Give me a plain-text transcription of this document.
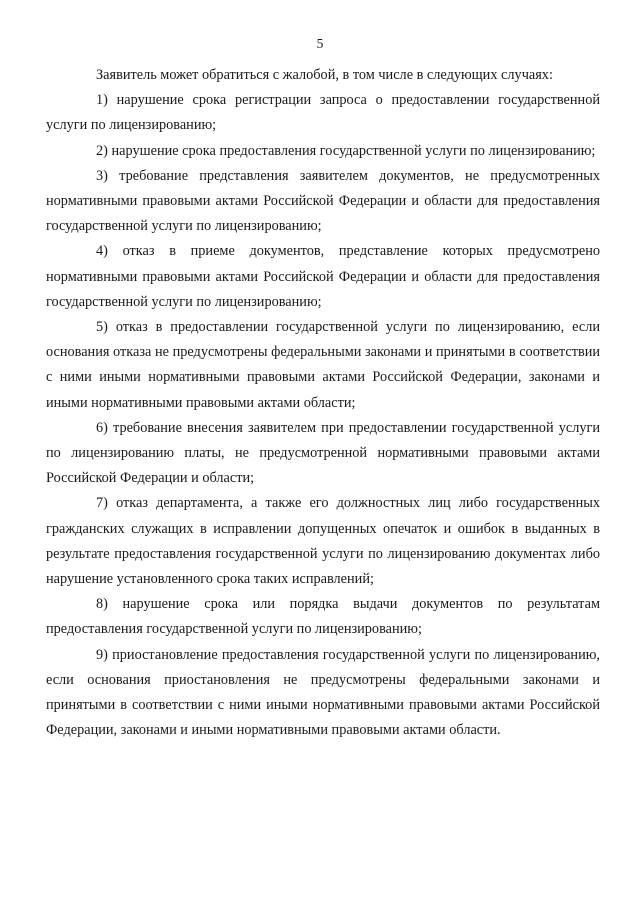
5

Заявитель может обратиться с жалобой, в том числе в следующих случаях:

1) нарушение срока регистрации запроса о предоставлении государственной услуги по лицензированию;

2) нарушение срока предоставления государственной услуги по лицензированию;

3) требование представления заявителем документов, не предусмотренных нормативными правовыми актами Российской Федерации и области для предоставления государственной услуги по лицензированию;

4) отказ в приеме документов, представление которых предусмотрено нормативными правовыми актами Российской Федерации и области для предоставления государственной услуги по лицензированию;

5) отказ в предоставлении государственной услуги по лицензированию, если основания отказа не предусмотрены федеральными законами и принятыми в соответствии с ними иными нормативными правовыми актами Российской Федерации, законами и иными нормативными правовыми актами области;

6) требование внесения заявителем при предоставлении государственной услуги по лицензированию платы, не предусмотренной нормативными правовыми актами Российской Федерации и области;

7) отказ департамента, а также его должностных лиц либо государственных гражданских служащих в исправлении допущенных опечаток и ошибок в выданных в результате предоставления государственной услуги по лицензированию документах либо нарушение установленного срока таких исправлений;

8) нарушение срока или порядка выдачи документов по результатам предоставления государственной услуги по лицензированию;

9) приостановление предоставления государственной услуги по лицензированию, если основания приостановления не предусмотрены федеральными законами и принятыми в соответствии с ними иными нормативными правовыми актами Российской Федерации, законами и иными нормативными правовыми актами области.
